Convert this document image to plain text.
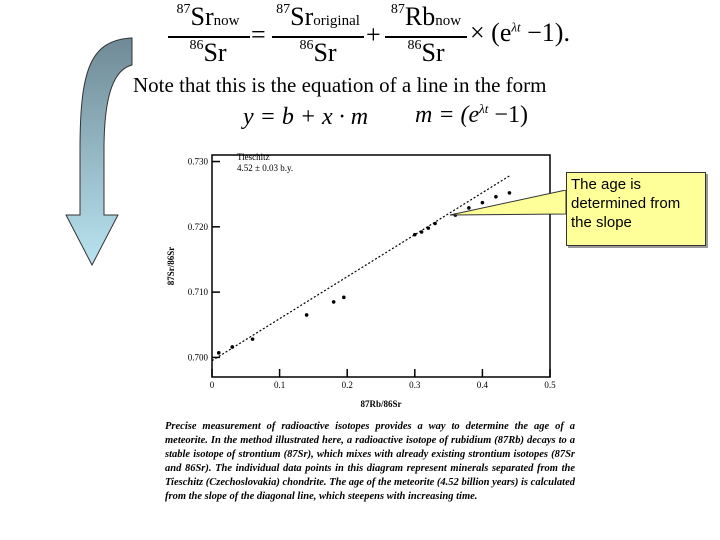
87Srnow
86Sr
=
87Sroriginal
86Sr
+
87Rbnow
86Sr
× $(e^{\lambda t} -1)$.
Note that this is the equation of a line in the form
y = b + x · m $m = (e^{\lambda t} -1)$
0	0.1	0.2	0.3	0.4	0.5
0.700
0.710
0.720
0.730
87Rb/86Sr
87Sr/86Sr
Tieschitz
4.52 ± 0.03 b.y.
The age is determined from the slope
Precise measurement of radioactive isotopes provides a way to determine the age of a meteorite. In the method illustrated here, a radioactive isotope of rubidium (87Rb) decays to a stable isotope of strontium (87Sr), which mixes with already existing strontium isotopes (87Sr and 86Sr). The individual data points in this diagram represent minerals separated from the Tieschitz (Czechoslovakia) chondrite. The age of the meteorite (4.52 billion years) is calculated from the slope of the diagonal line, which steepens with increasing time.
